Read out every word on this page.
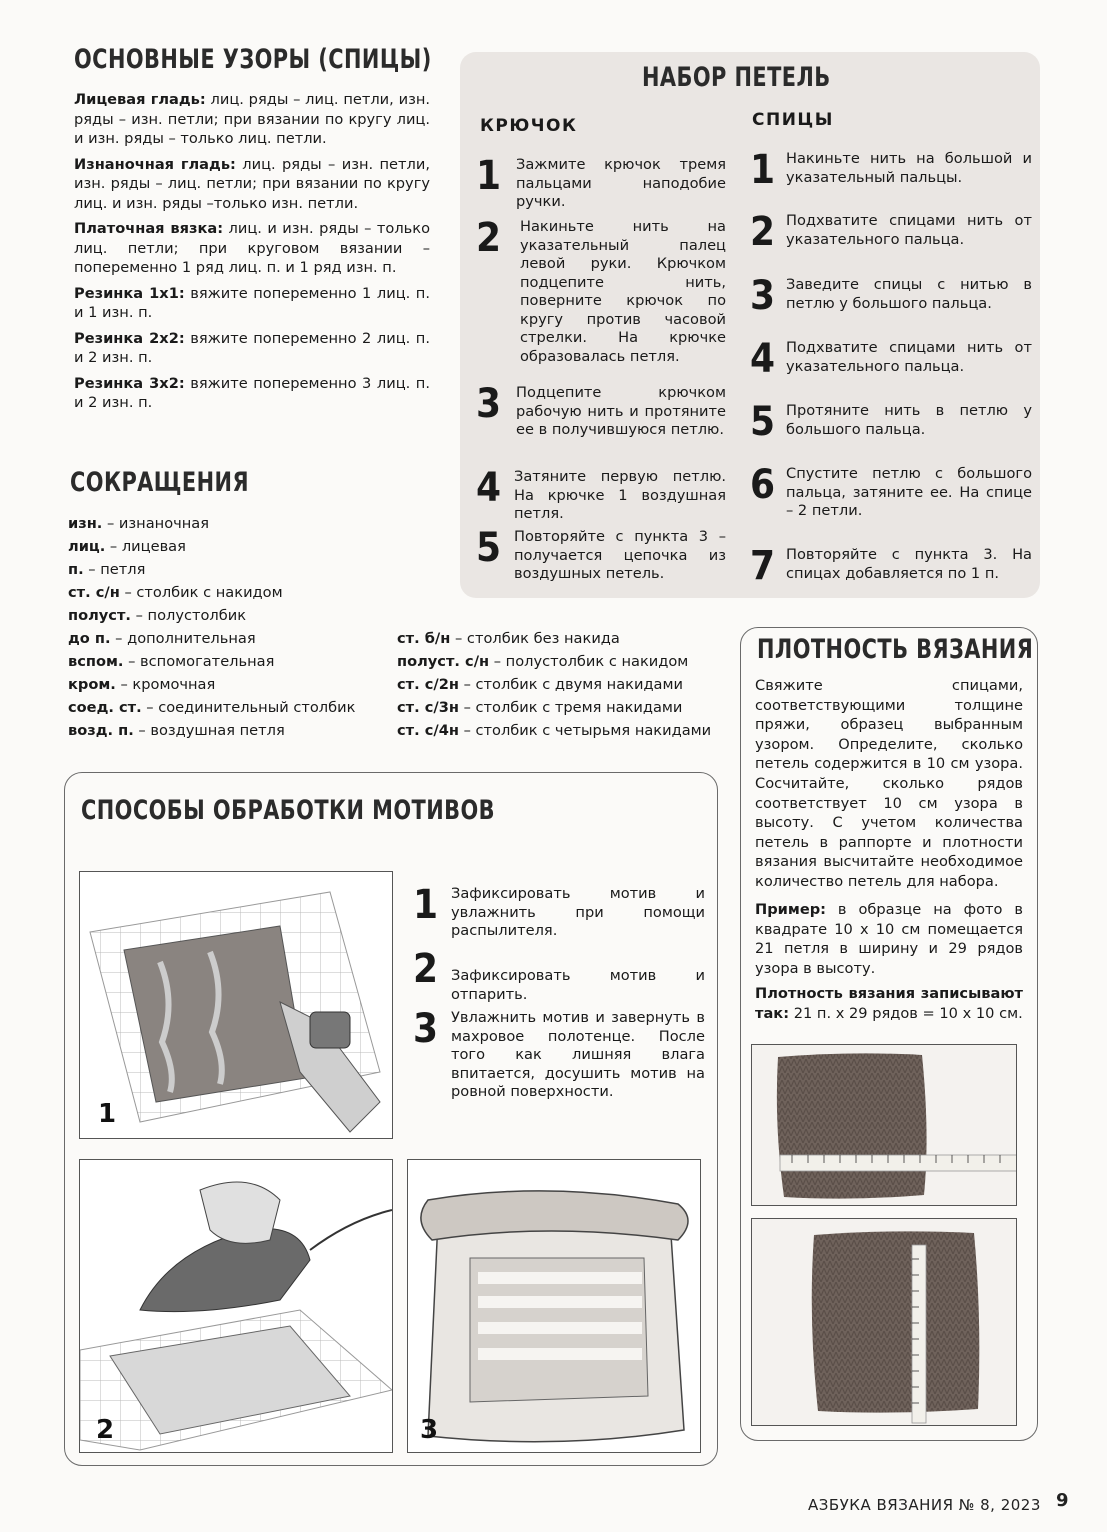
ОСНОВНЫЕ УЗОРЫ (СПИЦЫ)
Лицевая гладь: лиц. ряды – лиц. петли, изн. ряды – изн. петли; при вязании по кругу лиц. и изн. ряды – только лиц. петли.
Изнаночная гладь: лиц. ряды – изн. петли, изн. ряды – лиц. петли; при вязании по кругу лиц. и изн. ряды –только изн. петли.
Платочная вязка: лиц. и изн. ряды – только лиц. петли; при круговом вязании – попеременно 1 ряд лиц. п. и 1 ряд изн. п.
Резинка 1х1: вяжите попеременно 1 лиц. п. и 1 изн. п.
Резинка 2х2: вяжите попеременно 2 лиц. п. и 2 изн. п.
Резинка 3х2: вяжите попеременно 3 лиц. п. и 2 изн. п.
СОКРАЩЕНИЯ
изн. – изнаночная
лиц. – лицевая
п. – петля
ст. с/н – столбик с накидом
полуст. – полустолбик
до п. – дополнительная
вспом. – вспомогательная
кром. – кромочная
соед. ст. – соединительный столбик
возд. п. – воздушная петля
ст. б/н – столбик без накида
полуст. с/н – полустолбик с накидом
ст. с/2н – столбик с двумя накидами
ст. с/3н – столбик с тремя накидами
ст. с/4н – столбик с четырьмя накидами
НАБОР ПЕТЕЛЬ
КРЮЧОК	СПИЦЫ
1	Зажмите крючок тремя пальцами наподобие ручки.
2	Накиньте нить на указательный палец левой руки. Крючком подцепите нить, поверните крючок по кругу против часовой стрелки. На крючке образовалась петля.
3	Подцепите крючком рабочую нить и протяните ее в получившуюся петлю.
4 Затяните первую петлю. На крючке 1 воздушная петля.
5 Повторяйте с пункта 3 – получается цепочка из воздушных петель.
1 Накиньте нить на большой и указательный пальцы.
2 Подхватите спицами нить от указательного пальца.
3 Заведите спицы с нитью в петлю у большого пальца.
4 Подхватите спицами нить от указательного пальца.
5 Протяните нить в петлю у большого пальца.
6 Спустите петлю с большого пальца, затяните ее. На спице – 2 петли.
7 Повторяйте с пункта 3. На спицах добавляется по 1 п.
ПЛОТНОСТЬ ВЯЗАНИЯ
Свяжите спицами, соответствующими толщине пряжи, образец выбранным узором. Определите, сколько петель содержится в 10 см узора. Сосчитайте, сколько рядов соответствует 10 см узора в высоту. С учетом количества петель в раппорте и плотности вязания высчитайте необходимое количество петель для набора.
Пример: в образце на фото в квадрате 10 х 10 см помещается 21 петля в ширину и 29 рядов узора в высоту.
Плотность вязания записывают так: 21 п. х 29 рядов = 10 х 10 см.
СПОСОБЫ ОБРАБОТКИ МОТИВОВ
1
1 Зафиксировать мотив и увлажнить при помощи распылителя.
2 Зафиксировать мотив и отпарить.
3 Увлажнить мотив и завернуть в махровое полотенце. После того как лишняя влага впитается, досушить мотив на ровной поверхности.
2	3
АЗБУКА ВЯЗАНИЯ № 8, 2023 9
